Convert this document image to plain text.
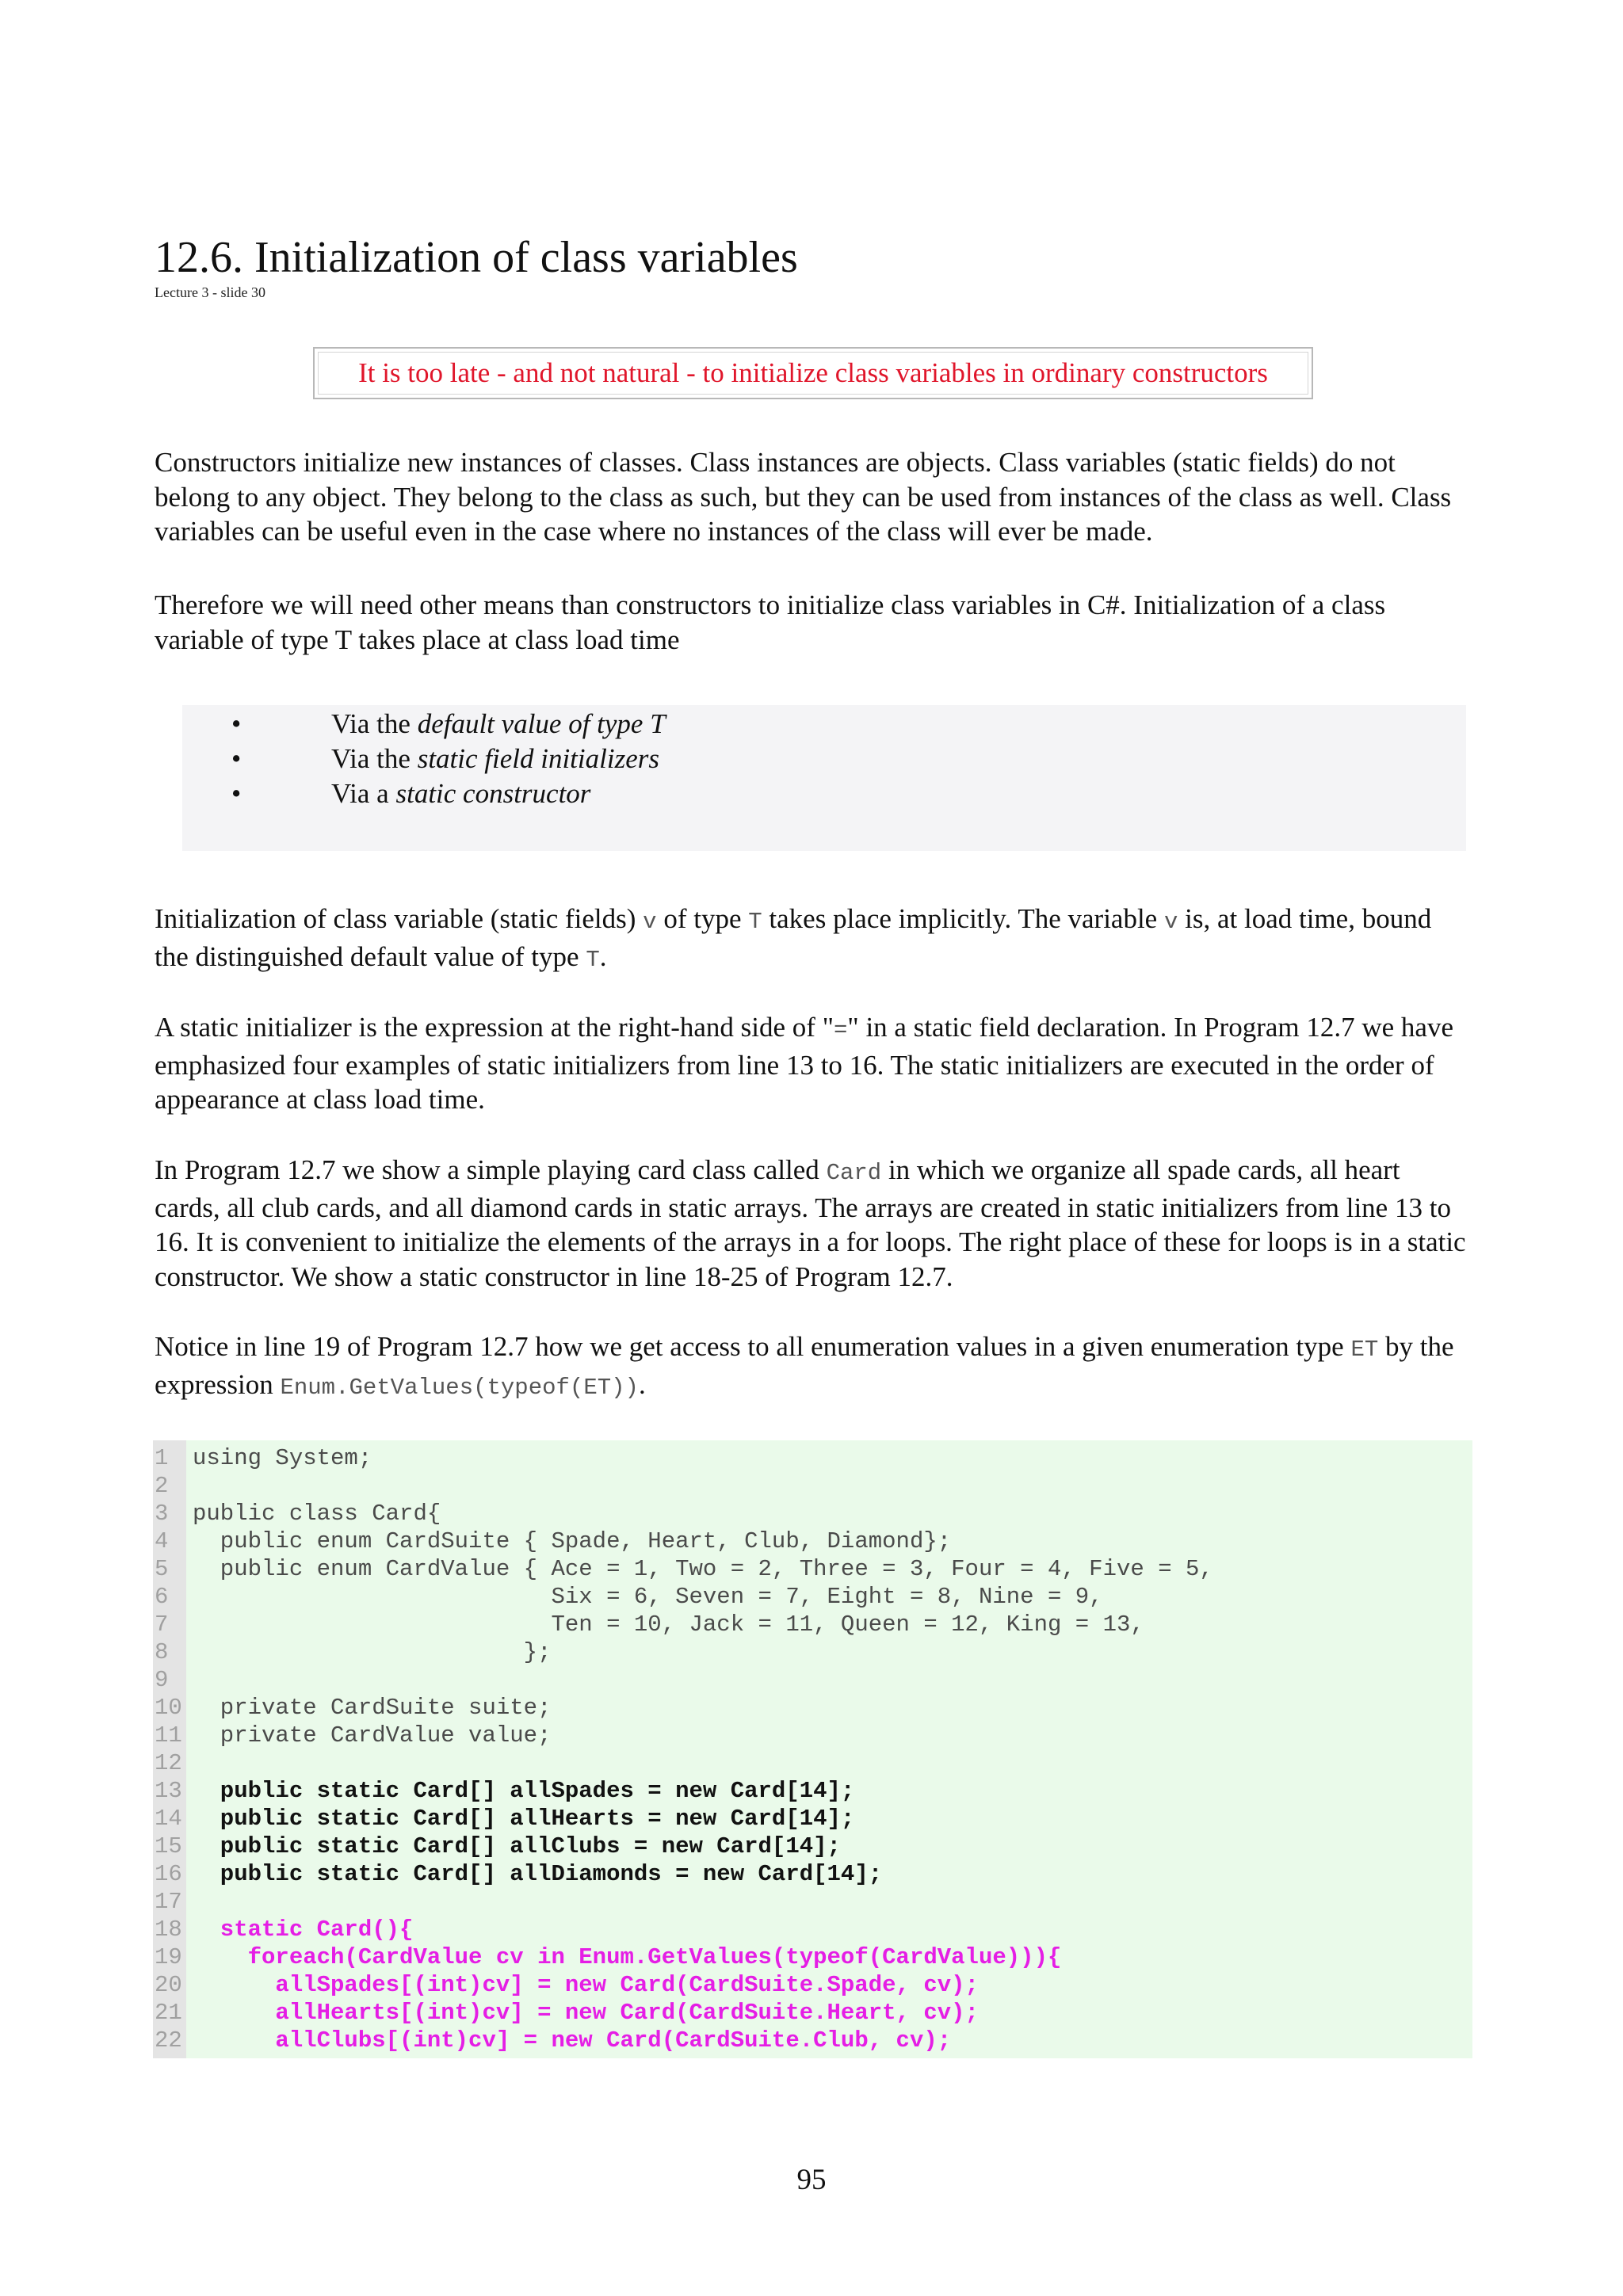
12.6. Initialization of class variables
Lecture 3 - slide 30
It is too late - and not natural - to initialize class variables in ordinary constructors

Constructors initialize new instances of classes. Class instances are objects. Class variables (static fields) do not belong to any object. They belong to the class as such, but they can be used from instances of the class as well. Class variables can be useful even in the case where no instances of the class will ever be made.

Therefore we will need other means than constructors to initialize class variables in C#. Initialization of a class variable of type T takes place at class load time

•	Via the default value of type T
•	Via the static field initializers
•	Via a static constructor

Initialization of class variable (static fields) v of type T takes place implicitly. The variable v is, at load time, bound the distinguished default value of type T.

A static initializer is the expression at the right-hand side of "=" in a static field declaration. In Program 12.7 we have emphasized four examples of static initializers from line 13 to 16. The static initializers are executed in the order of appearance at class load time.

In Program 12.7 we show a simple playing card class called Card in which we organize all spade cards, all heart cards, all club cards, and all diamond cards in static arrays. The arrays are created in static initializers from line 13 to 16. It is convenient to initialize the elements of the arrays in a for loops. The right place of these for loops is in a static constructor. We show a static constructor in line 18-25 of Program 12.7.

Notice in line 19 of Program 12.7 how we get access to all enumeration values in a given enumeration type ET by the expression Enum.GetValues(typeof(ET)).

1	using System;
2
3	public class Card{
4	public enum CardSuite { Spade, Heart, Club, Diamond};
5	public enum CardValue { Ace = 1, Two = 2, Three = 3, Four = 4, Five = 5,
6	Six = 6, Seven = 7, Eight = 8, Nine = 9,
7	Ten = 10, Jack = 11, Queen = 12, King = 13,
8	};
9
10 private CardSuite suite;
11 private CardValue value;
12
13 public static Card[] allSpades = new Card[14];
14 public static Card[] allHearts = new Card[14];
15 public static Card[] allClubs = new Card[14];
16 public static Card[] allDiamonds = new Card[14];
17
18 static Card(){
19 foreach(CardValue cv in Enum.GetValues(typeof(CardValue))){
20 allSpades[(int)cv] = new Card(CardSuite.Spade, cv);
21 allHearts[(int)cv] = new Card(CardSuite.Heart, cv);
22 allClubs[(int)cv] = new Card(CardSuite.Club, cv);
95
